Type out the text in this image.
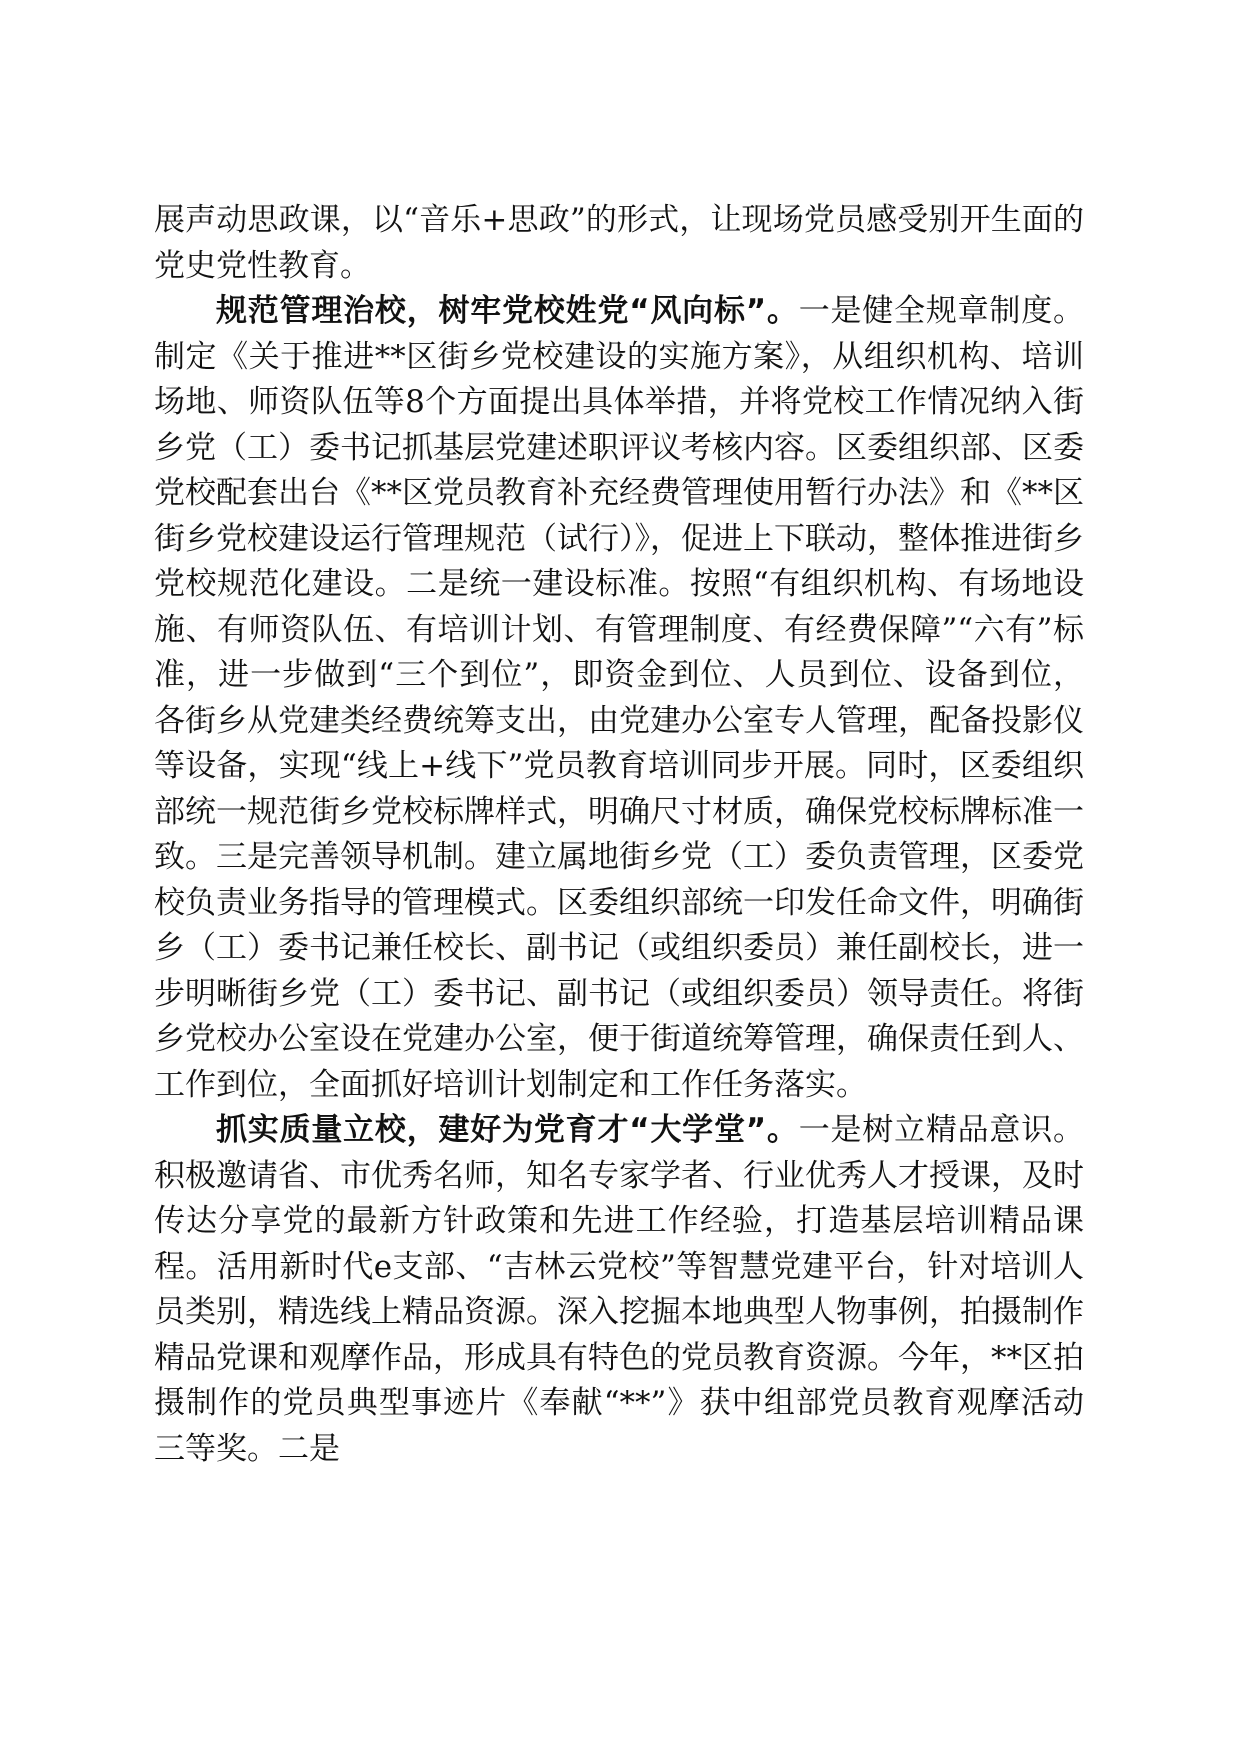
展声动思政课，以“音乐+思政”的形式，让现场党员感受别开生面的党史党性教育。

规范管理治校，树牢党校姓党“风向标”。一是健全规章制度。制定《关于推进**区街乡党校建设的实施方案》，从组织机构、培训场地、师资队伍等8个方面提出具体举措，并将党校工作情况纳入街乡党（工）委书记抓基层党建述职评议考核内容。区委组织部、区委党校配套出台《**区党员教育补充经费管理使用暂行办法》和《**区街乡党校建设运行管理规范（试行）》，促进上下联动，整体推进街乡党校规范化建设。二是统一建设标准。按照“有组织机构、有场地设施、有师资队伍、有培训计划、有管理制度、有经费保障”“六有”标准，进一步做到“三个到位”，即资金到位、人员到位、设备到位，各街乡从党建类经费统筹支出，由党建办公室专人管理，配备投影仪等设备，实现“线上+线下”党员教育培训同步开展。同时，区委组织部统一规范街乡党校标牌样式，明确尺寸材质，确保党校标牌标准一致。三是完善领导机制。建立属地街乡党（工）委负责管理，区委党校负责业务指导的管理模式。区委组织部统一印发任命文件，明确街乡（工）委书记兼任校长、副书记（或组织委员）兼任副校长，进一步明晰街乡党（工）委书记、副书记（或组织委员）领导责任。将街乡党校办公室设在党建办公室，便于街道统筹管理，确保责任到人、工作到位，全面抓好培训计划制定和工作任务落实。

抓实质量立校，建好为党育才“大学堂”。一是树立精品意识。积极邀请省、市优秀名师，知名专家学者、行业优秀人才授课，及时传达分享党的最新方针政策和先进工作经验，打造基层培训精品课程。活用新时代e支部、“吉林云党校”等智慧党建平台，针对培训人员类别，精选线上精品资源。深入挖掘本地典型人物事例，拍摄制作精品党课和观摩作品，形成具有特色的党员教育资源。今年，**区拍摄制作的党员典型事迹片《奉献“**”》获中组部党员教育观摩活动三等奖。二是
